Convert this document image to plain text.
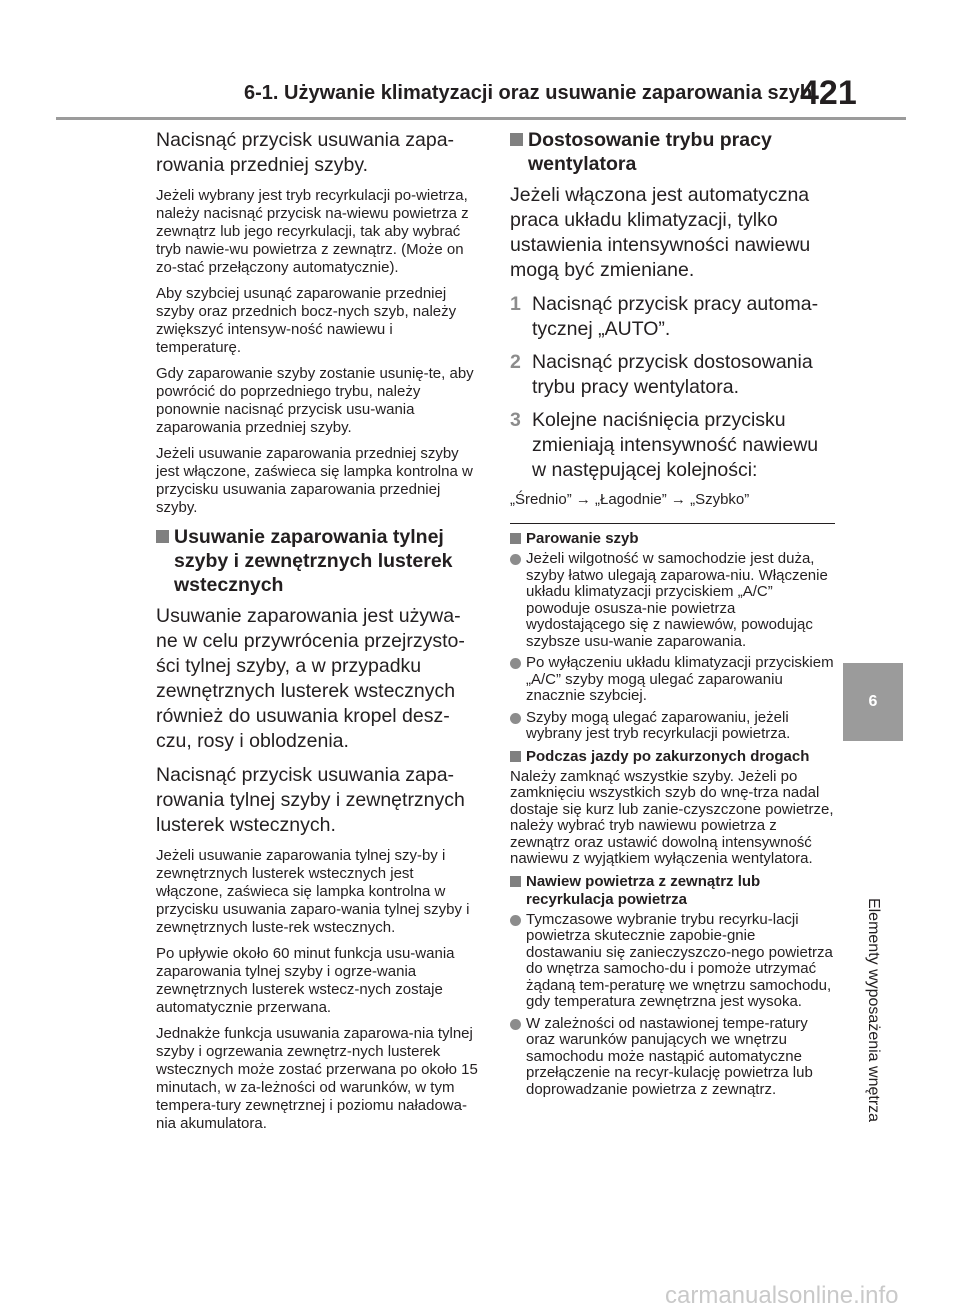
6-1. Używanie klimatyzacji oraz usuwanie zaparowania szyb
421
6
Elementy wyposażenia wnętrza

Nacisnąć przycisk usuwania zapa-rowania przedniej szyby.

Jeżeli wybrany jest tryb recyrkulacji po-wietrza, należy nacisnąć przycisk na-wiewu powietrza z zewnątrz lub jego recyrkulacji, tak aby wybrać tryb nawie-wu powietrza z zewnątrz. (Może on zo-stać przełączony automatycznie).

Aby szybciej usunąć zaparowanie przedniej szyby oraz przednich bocz-nych szyb, należy zwiększyć intensyw-ność nawiewu i temperaturę.

Gdy zaparowanie szyby zostanie usunię-te, aby powrócić do poprzedniego trybu, należy ponownie nacisnąć przycisk usu-wania zaparowania przedniej szyby.

Jeżeli usuwanie zaparowania przedniej szyby jest włączone, zaświeca się lampka kontrolna w przycisku usuwania zaparowania przedniej szyby.

Usuwanie zaparowania tylnej szyby i zewnętrznych lusterek wstecznych

Usuwanie zaparowania jest używa-ne w celu przywrócenia przejrzysto-ści tylnej szyby, a w przypadku zewnętrznych lusterek wstecznych również do usuwania kropel desz-czu, rosy i oblodzenia.

Nacisnąć przycisk usuwania zapa-rowania tylnej szyby i zewnętrznych lusterek wstecznych.

Jeżeli usuwanie zaparowania tylnej szy-by i zewnętrznych lusterek wstecznych jest włączone, zaświeca się lampka kontrolna w przycisku usuwania zaparo-wania tylnej szyby i zewnętrznych luste-rek wstecznych.

Po upływie około 60 minut funkcja usu-wania zaparowania tylnej szyby i ogrze-wania zewnętrznych lusterek wstecz-nych zostaje automatycznie przerwana.

Jednakże funkcja usuwania zaparowa-nia tylnej szyby i ogrzewania zewnętrz-nych lusterek wstecznych może zostać przerwana po około 15 minutach, w za-leżności od warunków, w tym tempera-tury zewnętrznej i poziomu naładowa-nia akumulatora.

Dostosowanie trybu pracy wentylatora

Jeżeli włączona jest automatyczna praca układu klimatyzacji, tylko ustawienia intensywności nawiewu mogą być zmieniane.

1 Nacisnąć przycisk pracy automa-tycznej „AUTO”.
2 Nacisnąć przycisk dostosowania trybu pracy wentylatora.
3 Kolejne naciśnięcia przycisku zmieniają intensywność nawiewu w następującej kolejności:

„Średnio” → „Łagodnie” → „Szybko”

Parowanie szyb
Jeżeli wilgotność w samochodzie jest duża, szyby łatwo ulegają zaparowa-niu. Włączenie układu klimatyzacji przyciskiem „A/C” powoduje osusza-nie powietrza wydostającego się z nawiewów, powodując szybsze usu-wanie zaparowania.
Po wyłączeniu układu klimatyzacji przyciskiem „A/C” szyby mogą ulegać zaparowaniu znacznie szybciej.
Szyby mogą ulegać zaparowaniu, jeżeli wybrany jest tryb recyrkulacji powietrza.
Podczas jazdy po zakurzonych drogach

Należy zamknąć wszystkie szyby. Jeżeli po zamknięciu wszystkich szyb do wnę-trza nadal dostaje się kurz lub zanie-czyszczone powietrze, należy wybrać tryb nawiewu powietrza z zewnątrz oraz ustawić dowolną intensywność nawiewu z wyjątkiem wyłączenia wentylatora.

Nawiew powietrza z zewnątrz lub recyrkulacja powietrza
Tymczasowe wybranie trybu recyrku-lacji powietrza skutecznie zapobie-gnie dostawaniu się zanieczyszczo-nego powietrza do wnętrza samocho-du i pomoże utrzymać żądaną tem-peraturę we wnętrzu samochodu, gdy temperatura zewnętrzna jest wysoka.
W zależności od nastawionej tempe-ratury oraz warunków panujących we wnętrzu samochodu może nastąpić automatyczne przełączenie na recyr-kulację powietrza lub doprowadzanie powietrza z zewnątrz.
carmanualsonline.info
